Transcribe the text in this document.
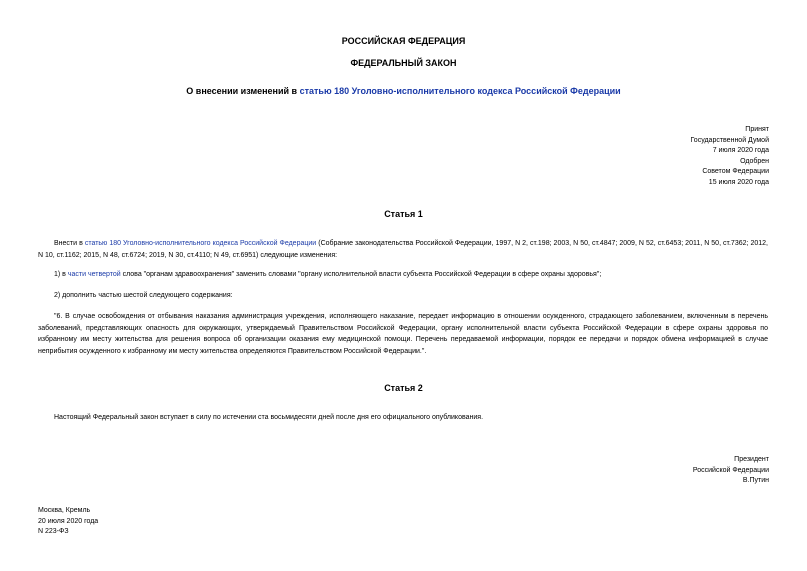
РОССИЙСКАЯ ФЕДЕРАЦИЯ
ФЕДЕРАЛЬНЫЙ ЗАКОН
О внесении изменений в статью 180 Уголовно-исполнительного кодекса Российской Федерации
Принят
Государственной Думой
7 июля 2020 года
Одобрен
Советом Федерации
15 июля 2020 года
Статья 1

Внести в статью 180 Уголовно-исполнительного кодекса Российской Федерации (Собрание законодательства Российской Федерации, 1997, N 2, ст.198; 2003, N 50, ст.4847; 2009, N 52, ст.6453; 2011, N 50, ст.7362; 2012, N 10, ст.1162; 2015, N 48, ст.6724; 2019, N 30, ст.4110; N 49, ст.6951) следующие изменения:

1) в части четвертой слова "органам здравоохранения" заменить словами "органу исполнительной власти субъекта Российской Федерации в сфере охраны здоровья";

2) дополнить частью шестой следующего содержания:

"6. В случае освобождения от отбывания наказания администрация учреждения, исполняющего наказание, передает информацию в отношении осужденного, страдающего заболеванием, включенным в перечень заболеваний, представляющих опасность для окружающих, утверждаемый Правительством Российской Федерации, органу исполнительной власти субъекта Российской Федерации в сфере охраны здоровья по избранному им месту жительства для решения вопроса об организации оказания ему медицинской помощи. Перечень передаваемой информации, порядок ее передачи и порядок обмена информацией в случае неприбытия осужденного к избранному им месту жительства определяются Правительством Российской Федерации.".

Статья 2

Настоящий Федеральный закон вступает в силу по истечении ста восьмидесяти дней после дня его официального опубликования.

Президент
Российской Федерации
В.Путин
Москва, Кремль
20 июля 2020 года
N 223-ФЗ
